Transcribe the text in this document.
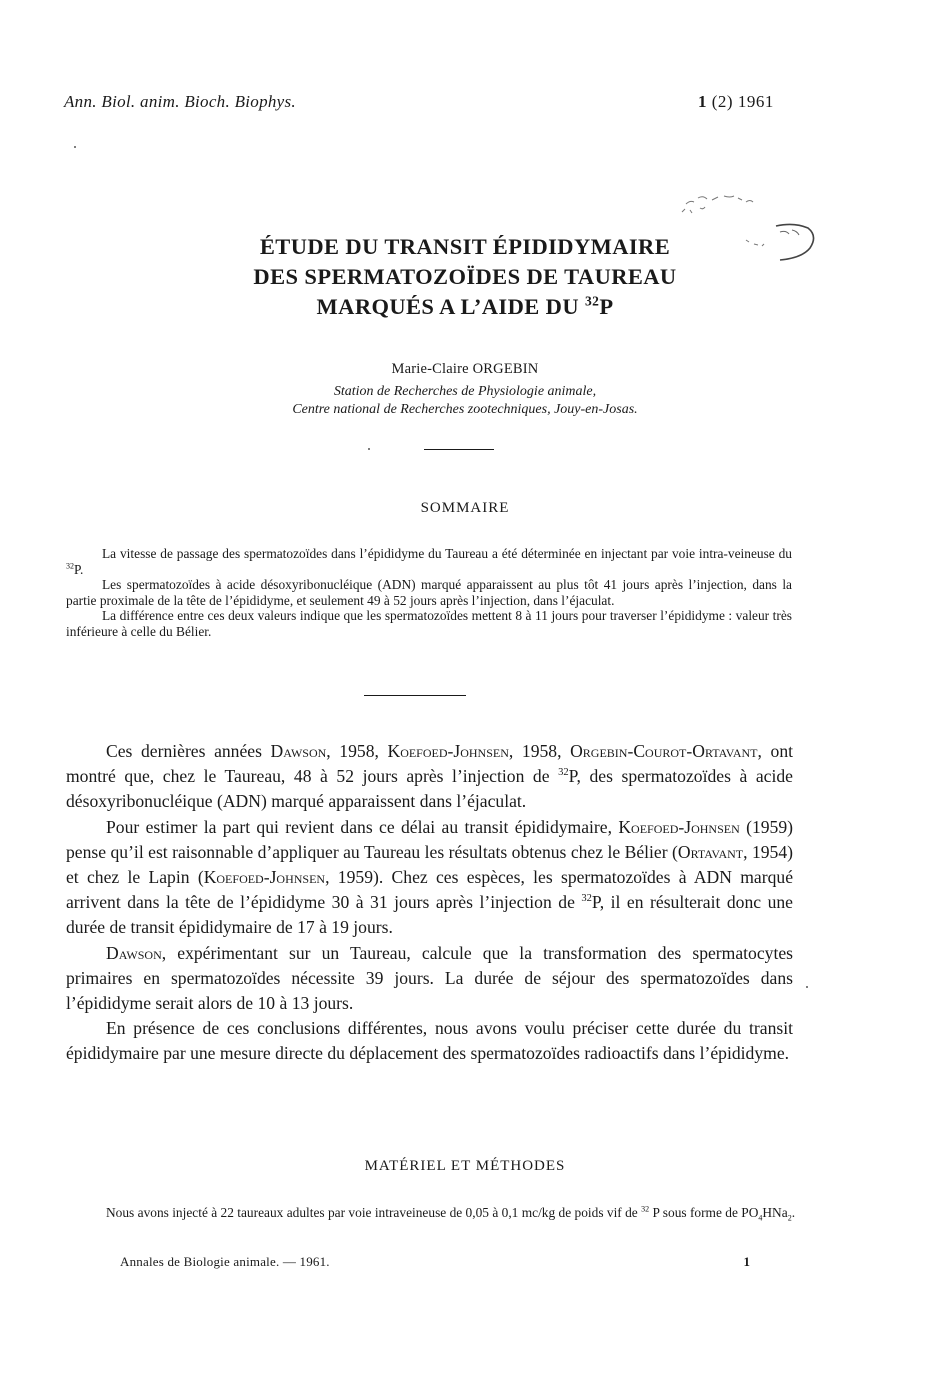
Ann. Biol. anim. Bioch. Biophys.	1 (2) 1961
ÉTUDE DU TRANSIT ÉPIDIDYMAIRE
DES SPERMATOZOÏDES DE TAUREAU
MARQUÉS A L’AIDE DU $^{32}$P
Marie-Claire ORGEBIN
Station de Recherches de Physiologie animale,
Centre national de Recherches zootechniques, Jouy-en-Josas.
SOMMAIRE

La vitesse de passage des spermatozoïdes dans l’épididyme du Taureau a été déterminée en injectant par voie intra-veineuse du $^{32}$P.

Les spermatozoïdes à acide désoxyribonucléique (ADN) marqué apparaissent au plus tôt 41 jours après l’injection, dans la partie proximale de la tête de l’épididyme, et seulement 49 à 52 jours après l’injection, dans l’éjaculat.

La différence entre ces deux valeurs indique que les spermatozoïdes mettent 8 à 11 jours pour traverser l’épididyme : valeur très inférieure à celle du Bélier.

Ces dernières années Dawson, 1958, Koefoed-Johnsen, 1958, Orgebin-Courot-Ortavant, ont montré que, chez le Taureau, 48 à 52 jours après l’injection de $^{32}$P, des spermatozoïdes à acide désoxyribonucléique (ADN) marqué apparaissent dans l’éjaculat.

Pour estimer la part qui revient dans ce délai au transit épididymaire, Koefoed-Johnsen (1959) pense qu’il est raisonnable d’appliquer au Taureau les résultats obtenus chez le Bélier (Ortavant, 1954) et chez le Lapin (Koefoed-Johnsen, 1959). Chez ces espèces, les spermatozoïdes à ADN marqué arrivent dans la tête de l’épididyme 30 à 31 jours après l’injection de $^{32}$P, il en résulterait donc une durée de transit épididymaire de 17 à 19 jours.

Dawson, expérimentant sur un Taureau, calcule que la transformation des spermatocytes primaires en spermatozoïdes nécessite 39 jours. La durée de séjour des spermatozoïdes dans l’épididyme serait alors de 10 à 13 jours.

En présence de ces conclusions différentes, nous avons voulu préciser cette durée du transit épididymaire par une mesure directe du déplacement des spermatozoïdes radioactifs dans l’épididyme.

MATÉRIEL ET MÉTHODES

Nous avons injecté à 22 taureaux adultes par voie intraveineuse de 0,05 à 0,1 mc/kg de poids vif de $^{32}$ P sous forme de $PO_4HNa_2$.

Annales de Biologie animale. — 1961.	1
